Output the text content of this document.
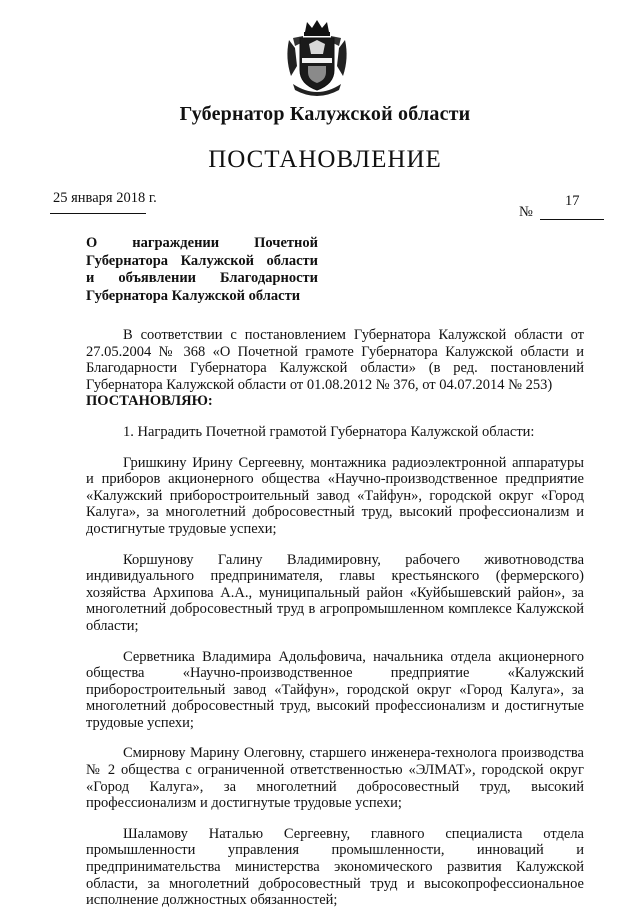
Губернатор Калужской области
ПОСТАНОВЛЕНИЕ
25 января 2018 г.	17
№
О награждении Почетной
Губернатора Калужской области
и объявлении Благодарности
Губернатора Калужской области

В соответствии с постановлением Губернатора Калужской области от 27.05.2004 № 368 «О Почетной грамоте Губернатора Калужской области и Благодарности Губернатора Калужской области» (в ред. постановлений Губернатора Калужской области от 01.08.2012 № 376, от 04.07.2014 № 253)

ПОСТАНОВЛЯЮ:

1. Наградить Почетной грамотой Губернатора Калужской области:

Гришкину Ирину Сергеевну, монтажника радиоэлектронной аппаратуры и приборов акционерного общества «Научно-производственное предприятие «Калужский приборостроительный завод «Тайфун», городской округ «Город Калуга», за многолетний добросовестный труд, высокий профессионализм и достигнутые трудовые успехи;

Коршунову Галину Владимировну, рабочего животноводства индивидуального предпринимателя, главы крестьянского (фермерского) хозяйства Архипова А.А., муниципальный район «Куйбышевский район», за многолетний добросовестный труд в агропромышленном комплексе Калужской области;

Серветника Владимира Адольфовича, начальника отдела акционерного общества «Научно-производственное предприятие «Калужский приборостроительный завод «Тайфун», городской округ «Город Калуга», за многолетний добросовестный труд, высокий профессионализм и достигнутые трудовые успехи;

Смирнову Марину Олеговну, старшего инженера-технолога производства № 2 общества с ограниченной ответственностью «ЭЛМАТ», городской округ «Город Калуга», за многолетний добросовестный труд, высокий профессионализм и достигнутые трудовые успехи;

Шаламову Наталью Сергеевну, главного специалиста отдела промышленности управления промышленности, инноваций и предпринимательства министерства экономического развития Калужской области, за многолетний добросовестный труд и высокопрофессиональное исполнение должностных обязанностей;
